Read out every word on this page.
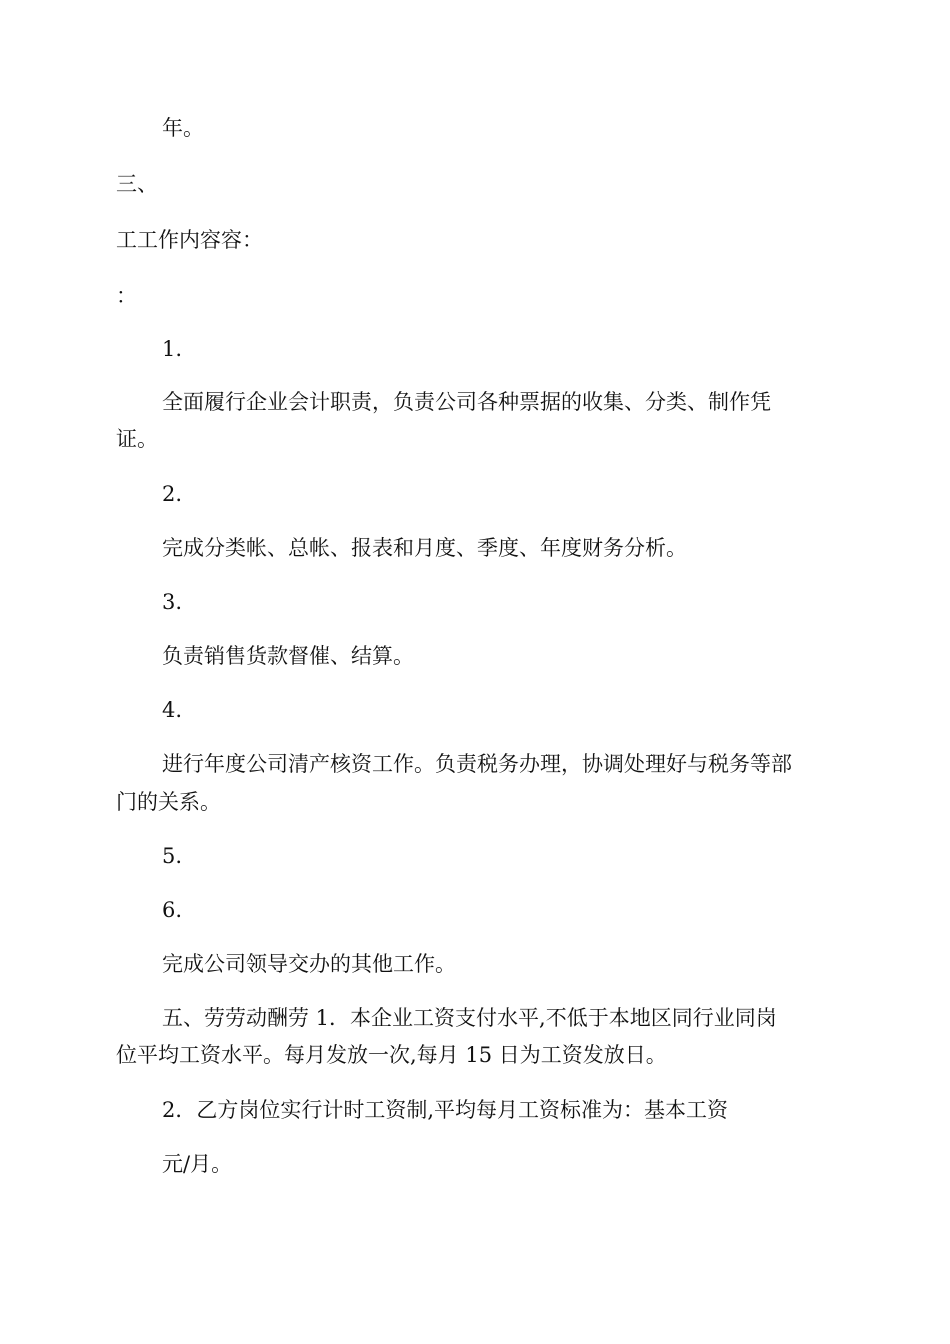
年。

三、

工工作内容容：

：

1.

全面履行企业会计职责，负责公司各种票据的收集、分类、制作凭

证。

2.

完成分类帐、总帐、报表和月度、季度、年度财务分析。

3.

负责销售货款督催、结算。

4.

进行年度公司清产核资工作。负责税务办理，协调处理好与税务等部

门的关系。

5.

6.

完成公司领导交办的其他工作。

五、劳劳动酬劳 1．本企业工资支付水平,不低于本地区同行业同岗

位平均工资水平。每月发放一次,每月 15 日为工资发放日。

2．乙方岗位实行计时工资制,平均每月工资标准为：基本工资

元/月。
